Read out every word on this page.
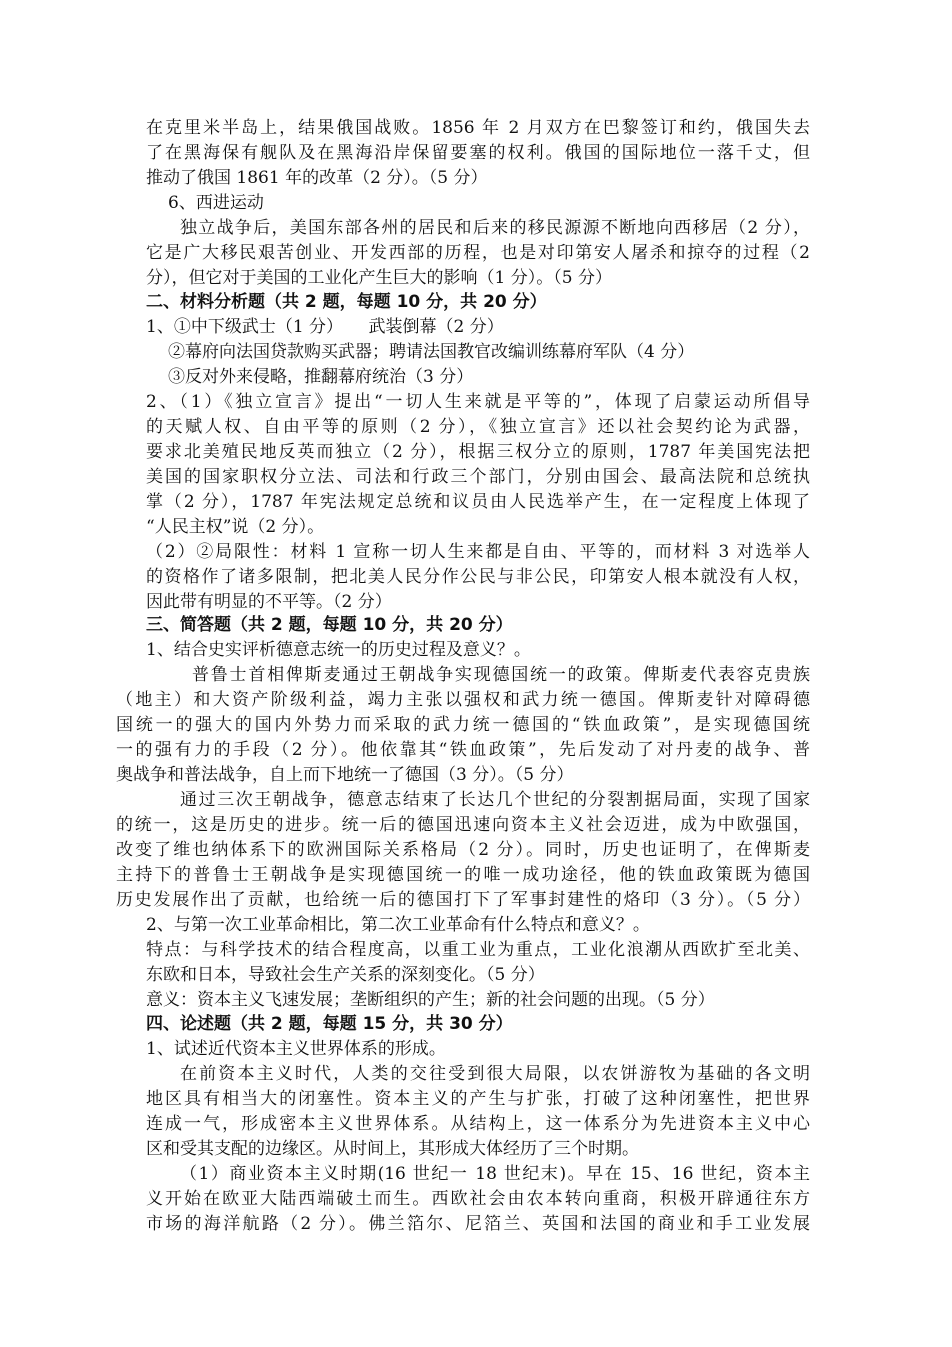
在克里米半岛上，结果俄国战败。1856 年 2 月双方在巴黎签订和约，俄国失去
了在黑海保有舰队及在黑海沿岸保留要塞的权利。俄国的国际地位一落千丈，但
推动了俄国 1861 年的改革（2 分）。（5 分）
6、西进运动
独立战争后，美国东部各州的居民和后来的移民源源不断地向西移居（2 分），
它是广大移民艰苦创业、开发西部的历程，也是对印第安人屠杀和掠夺的过程（2
分），但它对于美国的工业化产生巨大的影响（1 分）。（5 分）
二、材料分析题（共 2 题，每题 10 分，共 20 分）
1、①中下级武士（1 分）　　武装倒幕（2 分）
②幕府向法国贷款购买武器；聘请法国教官改编训练幕府军队（4 分）
③反对外来侵略，推翻幕府统治（3 分）
2、（1）《独立宣言》提出“一切人生来就是平等的”，体现了启蒙运动所倡导
的天赋人权、自由平等的原则（2 分），《独立宣言》还以社会契约论为武器，
要求北美殖民地反英而独立（2 分），根据三权分立的原则，1787 年美国宪法把
美国的国家职权分立法、司法和行政三个部门，分别由国会、最高法院和总统执
掌（2 分），1787 年宪法规定总统和议员由人民选举产生，在一定程度上体现了
“人民主权”说（2 分）。
（2）②局限性：材料 1 宣称一切人生来都是自由、平等的，而材料 3 对选举人
的资格作了诸多限制，把北美人民分作公民与非公民，印第安人根本就没有人权，
因此带有明显的不平等。（2 分）
三、简答题（共 2 题，每题 10 分，共 20 分）
1、结合史实评析德意志统一的历史过程及意义？。
普鲁士首相俾斯麦通过王朝战争实现德国统一的政策。俾斯麦代表容克贵族
（地主）和大资产阶级利益，竭力主张以强权和武力统一德国。俾斯麦针对障碍德
国统一的强大的国内外势力而采取的武力统一德国的“铁血政策”，是实现德国统
一的强有力的手段（2 分）。他依靠其“铁血政策”，先后发动了对丹麦的战争、普
奥战争和普法战争，自上而下地统一了德国（3 分）。（5 分）
通过三次王朝战争，德意志结束了长达几个世纪的分裂割据局面，实现了国家
的统一，这是历史的进步。统一后的德国迅速向资本主义社会迈进，成为中欧强国，
改变了维也纳体系下的欧洲国际关系格局（2 分）。同时，历史也证明了，在俾斯麦
主持下的普鲁士王朝战争是实现德国统一的唯一成功途径，他的铁血政策既为德国
历史发展作出了贡献，也给统一后的德国打下了军事封建性的烙印（3 分）。（5 分）
2、与第一次工业革命相比，第二次工业革命有什么特点和意义？。
特点：与科学技术的结合程度高，以重工业为重点，工业化浪潮从西欧扩至北美、
东欧和日本，导致社会生产关系的深刻变化。（5 分）
意义：资本主义飞速发展；垄断组织的产生；新的社会问题的出现。（5 分）
四、论述题（共 2 题，每题 15 分，共 30 分）
1、试述近代资本主义世界体系的形成。
在前资本主义时代，人类的交往受到很大局限，以农饼游牧为基础的各文明
地区具有相当大的闭塞性。资本主义的产生与扩张，打破了这种闭塞性，把世界
连成一气，形成密本主义世界体系。从结构上，这一体系分为先进资本主义中心
区和受其支配的边缘区。从时间上，其形成大体经历了三个时期。
（1）商业资本主义时期(16 世纪一 18 世纪末)。早在 15、16 世纪，资本主
义开始在欧亚大陆西端破土而生。西欧社会由农本转向重商，积极开辟通往东方
市场的海洋航路（2 分）。佛兰箔尔、尼箔兰、英国和法国的商业和手工业发展
